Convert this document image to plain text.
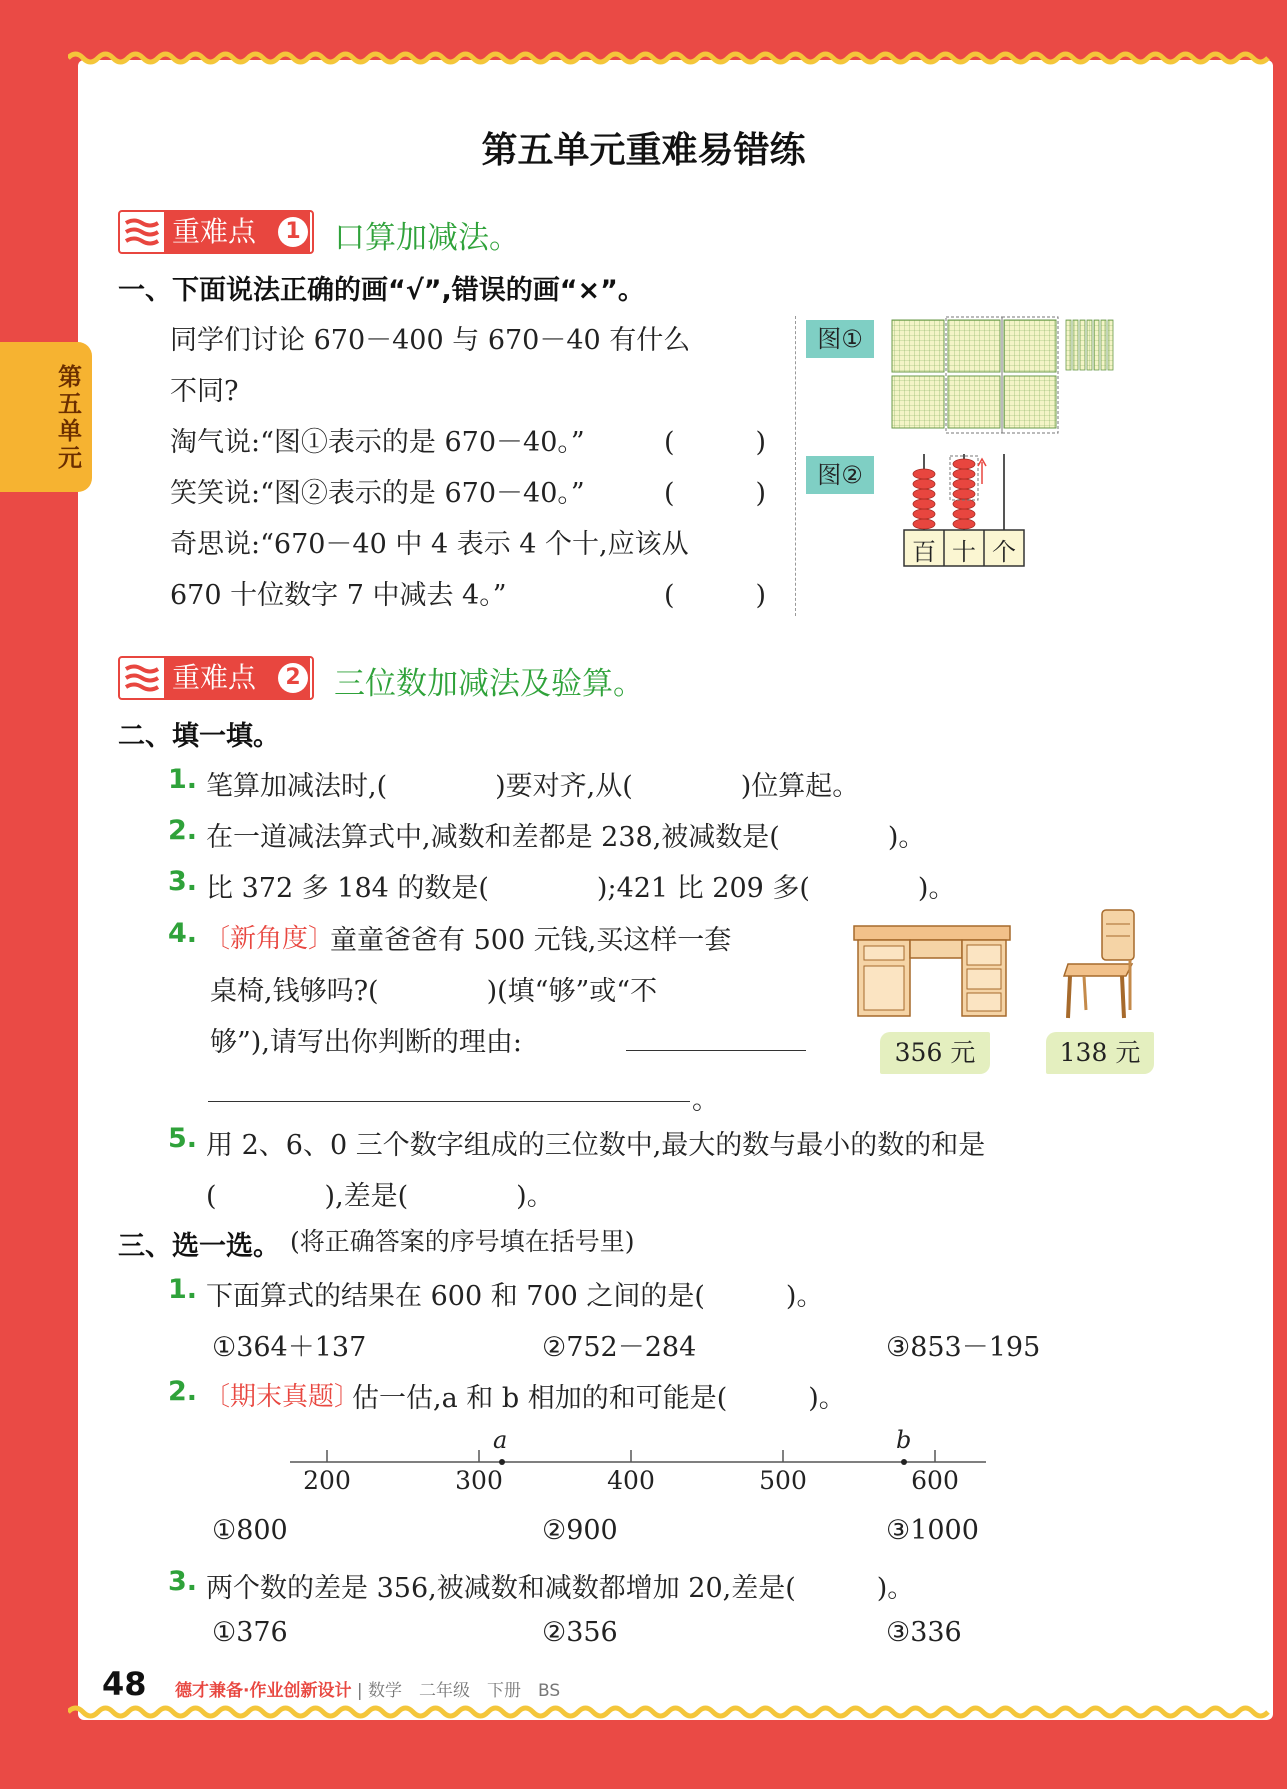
第五单元
第五单元重难易错练
重难点	1 口算加减法。
一、下面说法正确的画“√”,错误的画“×”。
同学们讨论 670－400 与 670－40 有什么
不同?
淘气说:“图①表示的是 670－40。”	(　　　)
笑笑说:“图②表示的是 670－40。”	(　　　)
奇思说:“670－40 中 4 表示 4 个十,应该从
670 十位数字 7 中减去 4。”	(　　　)
图①
图②
百 十 个
重难点	2 三位数加减法及验算。
二、填一填。
1. 笔算加减法时,(　　　　)要对齐,从(　　　　)位算起。
2. 在一道减法算式中,减数和差都是 238,被减数是(　　　　)。
3. 比 372 多 184 的数是(　　　　);421 比 209 多(　　　　)。
4. 〔新角度〕
童童爸爸有 500 元钱,买这样一套
桌椅,钱够吗?(　　　　)(填“够”或“不
够”),请写出你判断的理由:
。
356 元	138 元
5. 用 2、6、0 三个数字组成的三位数中,最大的数与最小的数的和是
(　　　　),差是(　　　　)。
三、选一选。 (将正确答案的序号填在括号里)
1. 下面算式的结果在 600 和 700 之间的是(　　　)。
①364＋137	②752－284	③853－195
2. 〔期末真题〕
估一估,a 和 b 相加的和可能是(　　　)。
200	300	400	500	600
a	b
①800	②900	③1000
3. 两个数的差是 356,被减数和减数都增加 20,差是(　　　)。
①376	②356	③336
48 德才兼备·作业创新设计 | 数学　二年级　下册　BS
